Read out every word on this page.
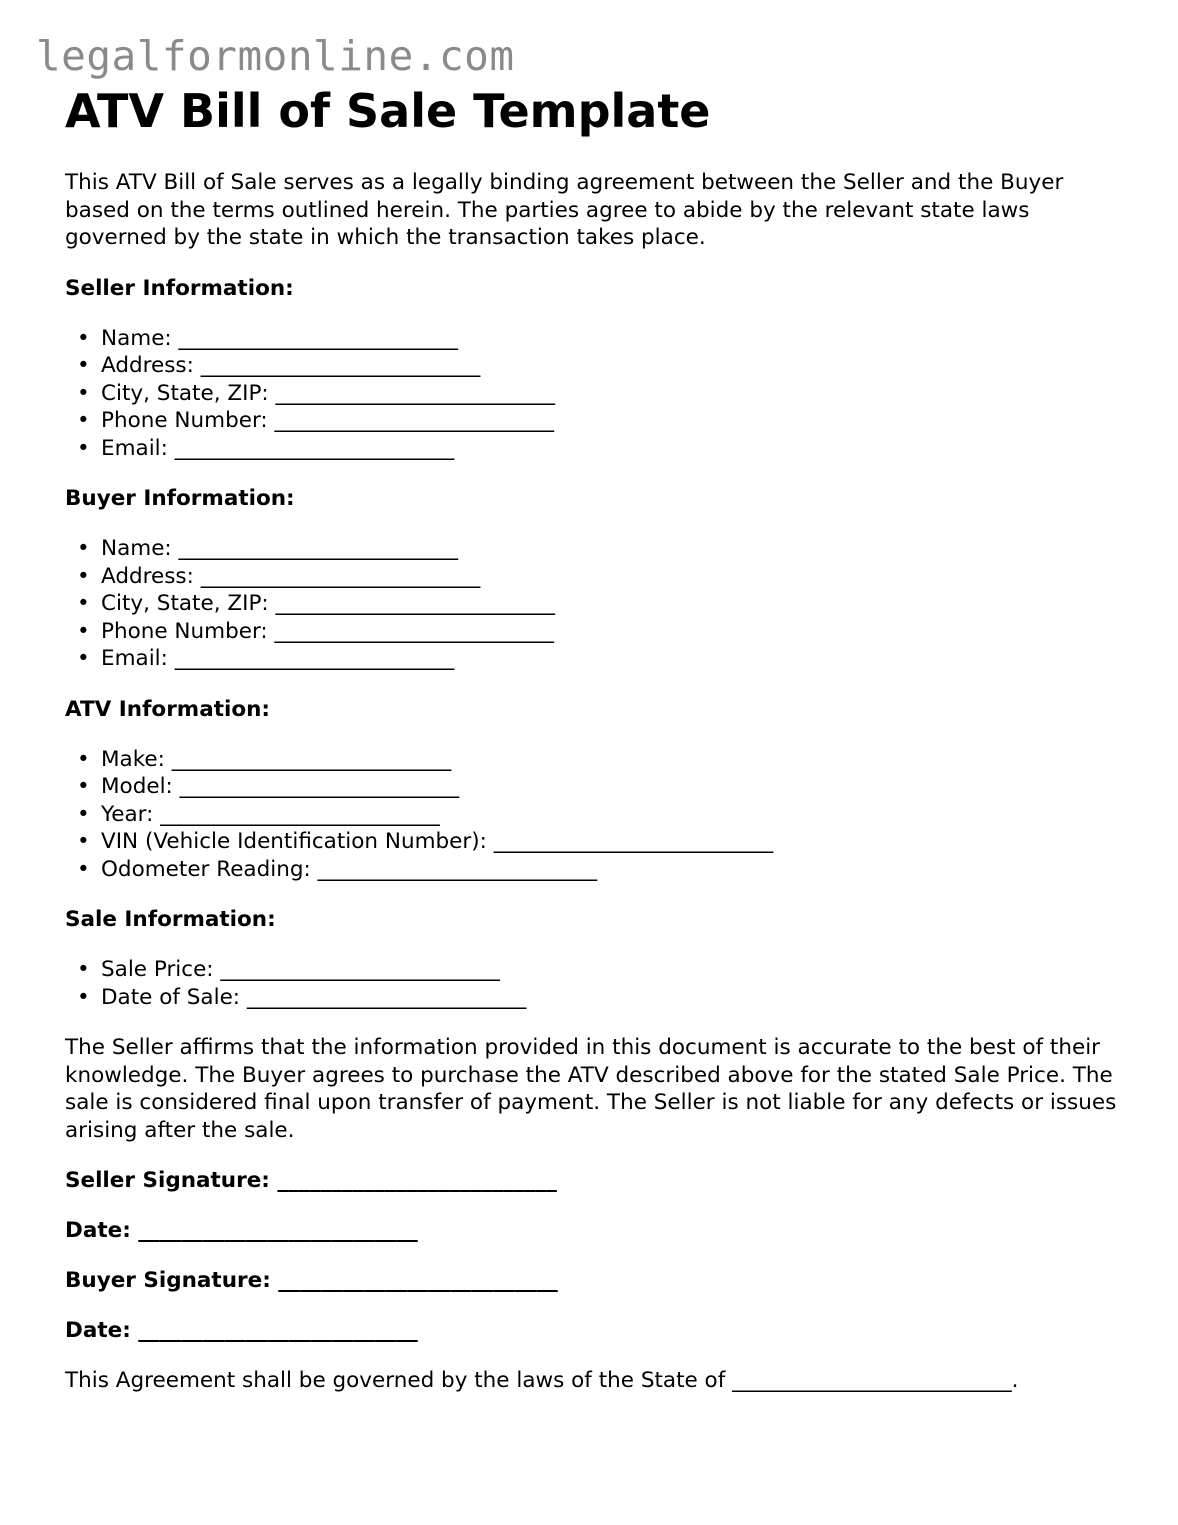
legalformonline.com
ATV Bill of Sale Template

This ATV Bill of Sale serves as a legally binding agreement between the Seller and the Buyer based on the terms outlined herein. The parties agree to abide by the relevant state laws governed by the state in which the transaction takes place.

Seller Information:
• Name: __________________________
• Address: __________________________
• City, State, ZIP: __________________________
• Phone Number: __________________________
• Email: __________________________
Buyer Information:
• Name: __________________________
• Address: __________________________
• City, State, ZIP: __________________________
• Phone Number: __________________________
• Email: __________________________
ATV Information:
• Make: __________________________
• Model: __________________________
• Year: __________________________
• VIN (Vehicle Identification Number): __________________________
• Odometer Reading: __________________________
Sale Information:
• Sale Price: __________________________
• Date of Sale: __________________________

The Seller affirms that the information provided in this document is accurate to the best of their knowledge. The Buyer agrees to purchase the ATV described above for the stated Sale Price. The sale is considered final upon transfer of payment. The Seller is not liable for any defects or issues arising after the sale.

Seller Signature: __________________________
Date: __________________________
Buyer Signature: __________________________
Date: __________________________
This Agreement shall be governed by the laws of the State of __________________________.
